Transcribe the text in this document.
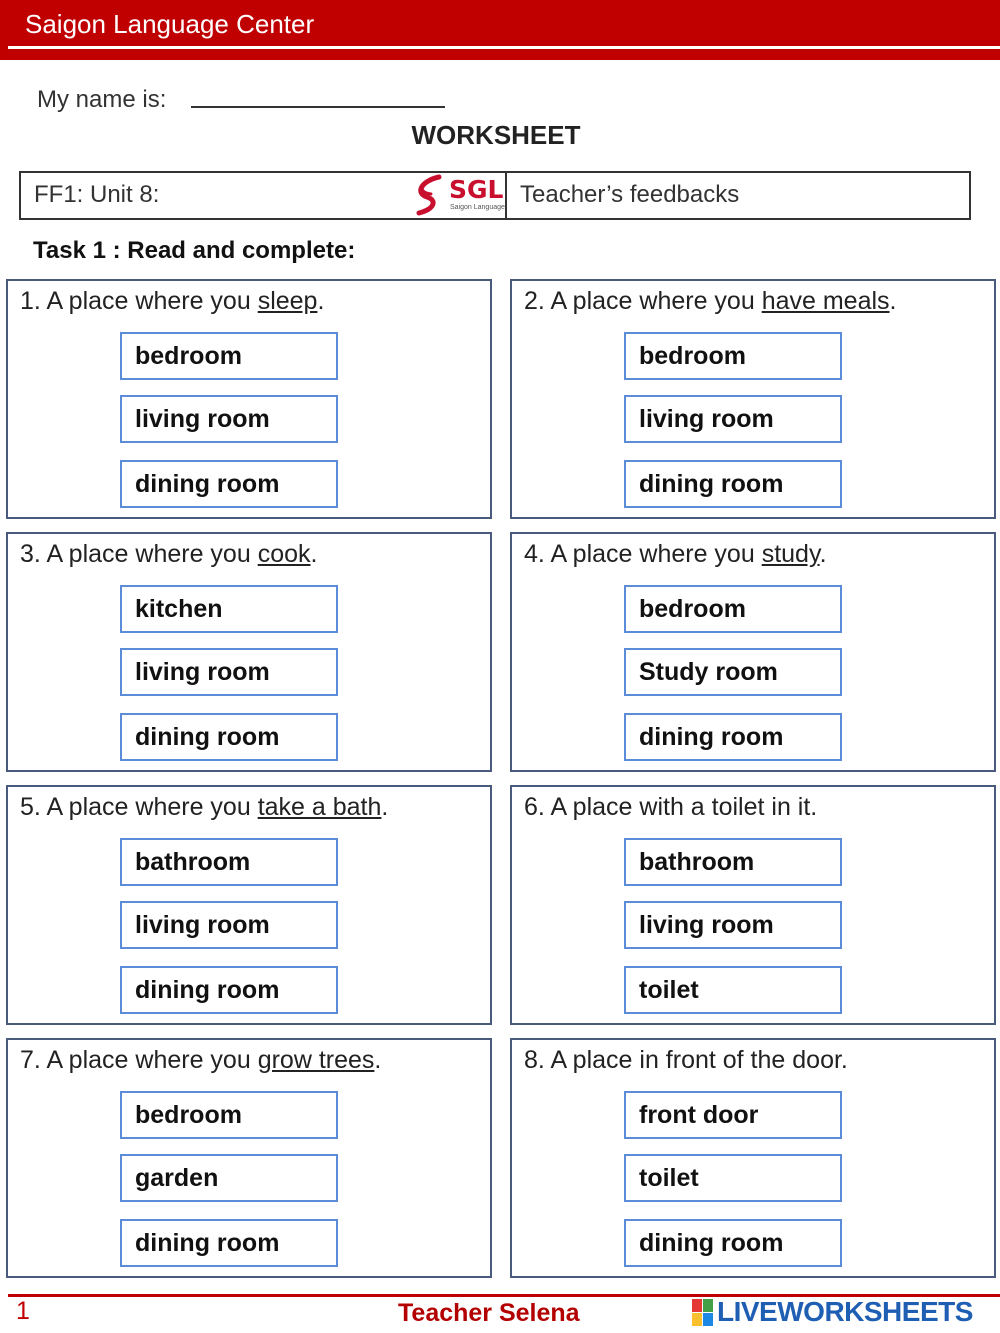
Saigon Language Center
My name is:
WORKSHEET
FF1: Unit 8:	SGL
Saigon Language Teacher’s feedbacks
Task 1 : Read and complete:
1. A place where you sleep.
bedroom
living room
dining room
2. A place where you have meals.
bedroom
living room
dining room
3. A place where you cook.
kitchen
living room
dining room
4. A place where you study.
bedroom
Study room
dining room
5. A place where you take a bath.
bathroom
living room
dining room
6. A place with a toilet in it.
bathroom
living room
toilet
7. A place where you grow trees.
bedroom
garden
dining room
8. A place in front of the door.
front door
toilet
dining room
1	Teacher Selena	LIVEWORKSHEETS
